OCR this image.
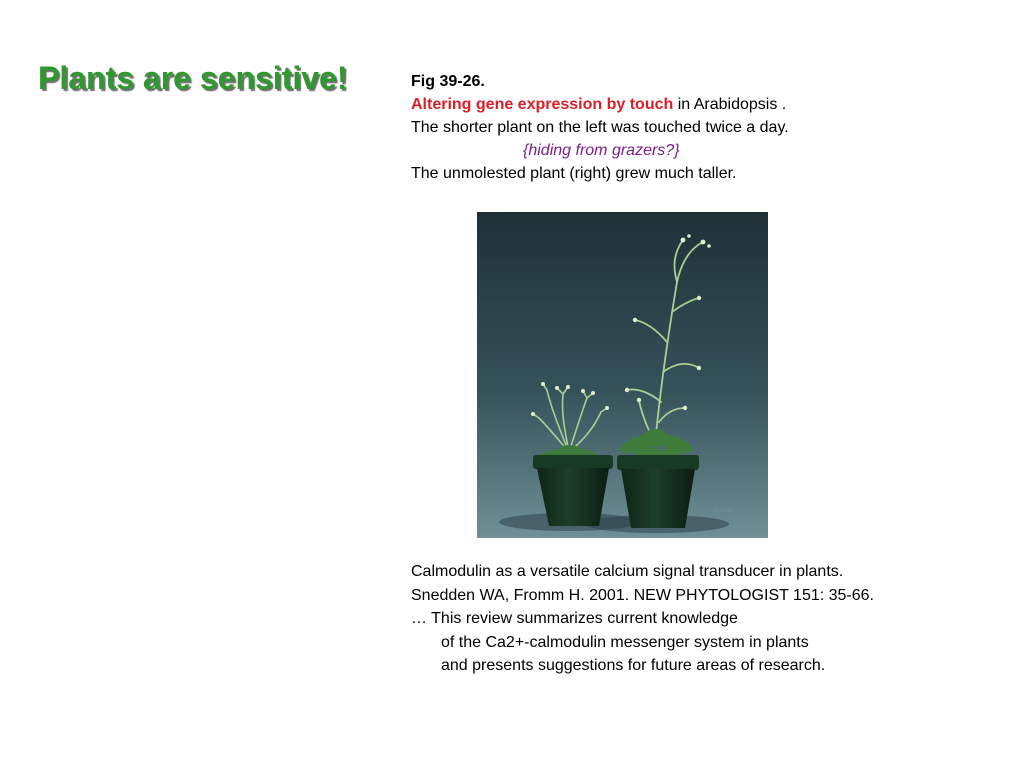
Plants are sensitive!	Fig 39-26.

Altering gene expression by touch in Arabidopsis .

The shorter plant on the left was touched twice a day.

{hiding from grazers?}

The unmolested plant (right) grew much taller.

© 2005

Calmodulin as a versatile calcium signal transducer in plants.

Snedden WA, Fromm H. 2001. NEW PHYTOLOGIST 151: 35-66.

… This review summarizes current knowledge

of the Ca2+-calmodulin messenger system in plants

and presents suggestions for future areas of research.
